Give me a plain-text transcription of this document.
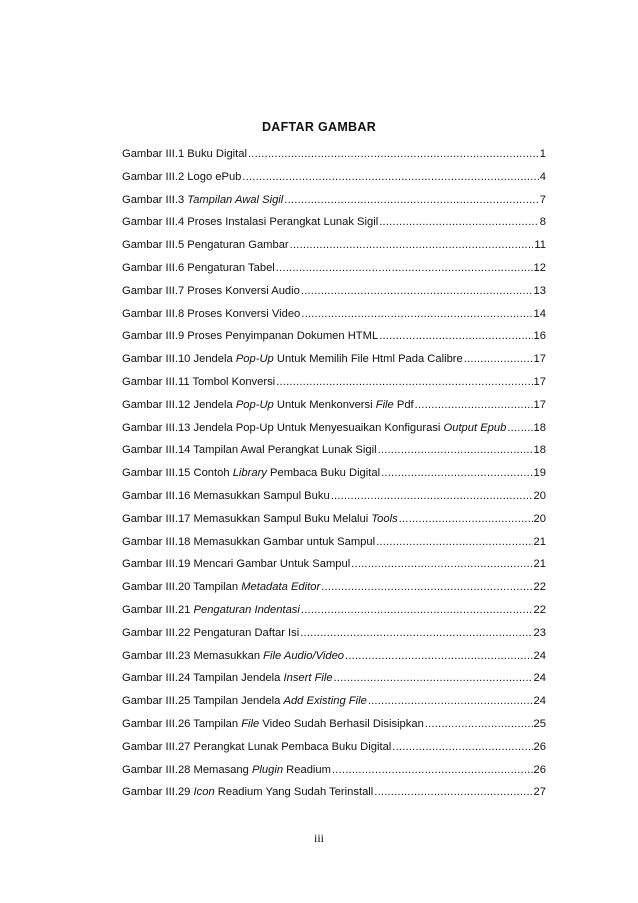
DAFTAR GAMBAR
Gambar III.1 Buku Digital .....	1
Gambar III.2 Logo ePub .....	4
Gambar III.3 Tampilan Awal Sigil .....	7
Gambar III.4 Proses Instalasi Perangkat Lunak Sigil .....	8
Gambar III.5 Pengaturan Gambar .....	11
Gambar III.6 Pengaturan Tabel .....	12
Gambar III.7 Proses Konversi Audio .....	13
Gambar III.8 Proses Konversi Video .....	14
Gambar III.9 Proses Penyimpanan Dokumen HTML .....	16
Gambar III.10 Jendela Pop-Up Untuk Memilih File Html Pada Calibre .....	17
Gambar III.11 Tombol Konversi .....	17
Gambar III.12 Jendela Pop-Up Untuk Menkonversi File Pdf .....	17
Gambar III.13 Jendela Pop-Up Untuk Menyesuaikan Konfigurasi Output Epub ..... 18
Gambar III.14 Tampilan Awal Perangkat Lunak Sigil .....	18
Gambar III.15 Contoh Library Pembaca Buku Digital .....	19
Gambar III.16 Memasukkan Sampul Buku .....	20
Gambar III.17 Memasukkan Sampul Buku Melalui Tools .....	20
Gambar III.18 Memasukkan Gambar untuk Sampul .....	21
Gambar III.19 Mencari Gambar Untuk Sampul .....	21
Gambar III.20 Tampilan Metadata Editor .....	22
Gambar III.21 Pengaturan Indentasi .....	22
Gambar III.22 Pengaturan Daftar Isi .....	23
Gambar III.23 Memasukkan File Audio/Video .....	24
Gambar III.24 Tampilan Jendela Insert File .....	24
Gambar III.25 Tampilan Jendela Add Existing File .....	24
Gambar III.26 Tampilan File Video Sudah Berhasil Disisipkan .....	25
Gambar III.27 Perangkat Lunak Pembaca Buku Digital .....	26
Gambar III.28 Memasang Plugin Readium .....	26
Gambar III.29 Icon Readium Yang Sudah Terinstall .....	27
iii
